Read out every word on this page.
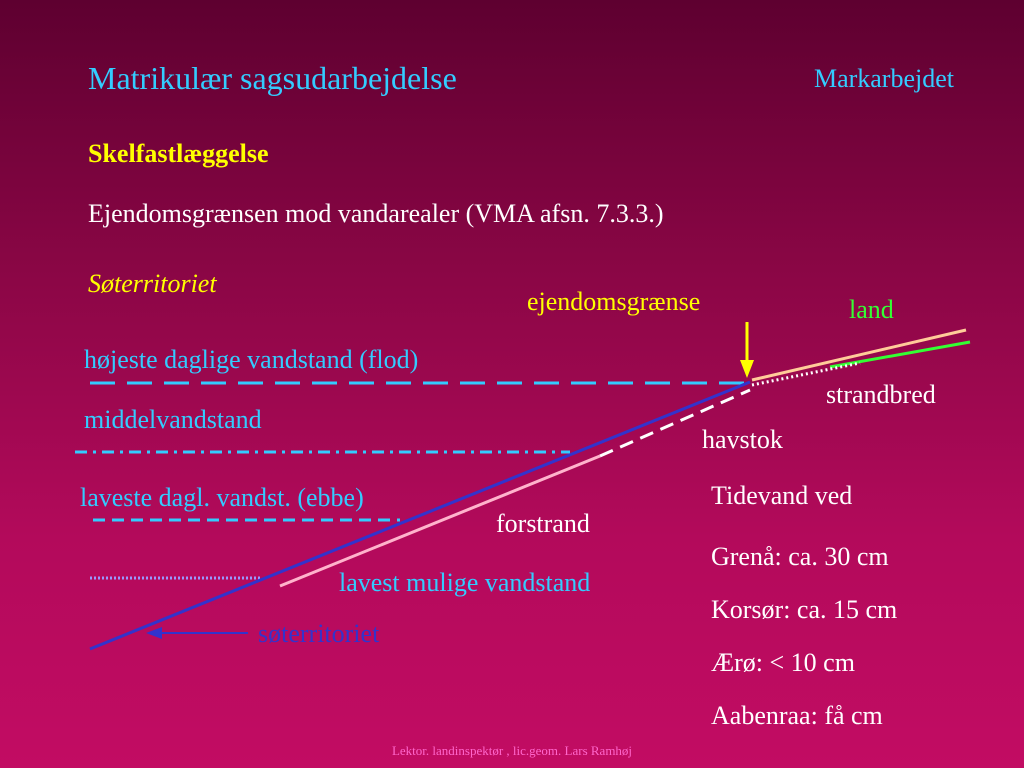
Matrikulær sagsudarbejdelse	Markarbejdet
Skelfastlæggelse
Ejendomsgrænsen mod vandarealer (VMA afsn. 7.3.3.)
Søterritoriet
ejendomsgrænse	land
højeste daglige vandstand (flod)
strandbred
middelvandstand
havstok
laveste dagl. vandst. (ebbe)
forstrand
lavest mulige vandstand
søterritoriet
Tidevand ved
Grenå: ca. 30 cm
Korsør: ca. 15 cm
Ærø: < 10 cm
Aabenraa: få cm
Lektor. landinspektør , lic.geom. Lars Ramhøj
